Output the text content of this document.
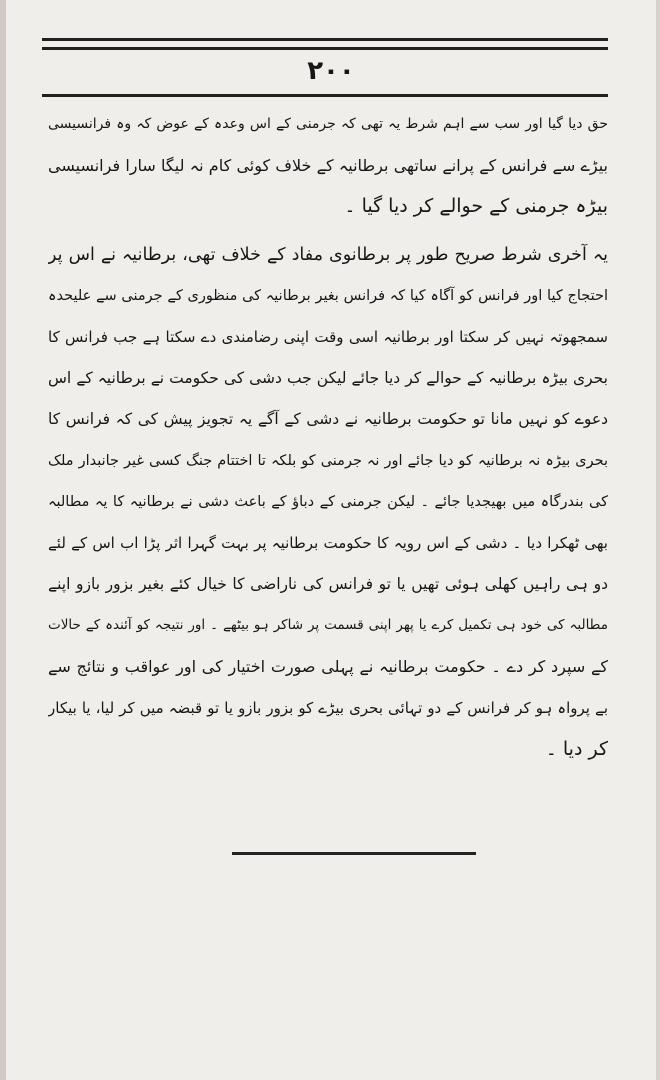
۲۰۰
حق دیا گیا اور سب سے اہم شرط یہ تھی کہ جرمنی کے اس وعدہ کے عوض کہ وہ فرانسیسی
بیڑے سے فرانس کے پرانے ساتھی برطانیہ کے خلاف کوئی کام نہ لیگا سارا فرانسیسی
بیڑہ جرمنی کے حوالے کر دیا گیا ۔
یہ آخری شرط صریح طور پر برطانوی مفاد کے خلاف تھی، برطانیہ نے اس پر
احتجاج کیا اور فرانس کو آگاہ کیا کہ فرانس بغیر برطانیہ کی منظوری کے جرمنی سے علیحدہ
سمجھوتہ نہیں کر سکتا اور برطانیہ اسی وقت اپنی رضامندی دے سکتا ہے جب فرانس کا
بحری بیڑہ برطانیہ کے حوالے کر دیا جائے لیکن جب دشی کی حکومت نے برطانیہ کے اس
دعوے کو نہیں مانا تو حکومت برطانیہ نے دشی کے آگے یہ تجویز پیش کی کہ فرانس کا
بحری بیڑہ نہ برطانیہ کو دیا جائے اور نہ جرمنی کو بلکہ تا اختتام جنگ کسی غیر جانبدار ملک
کی بندرگاہ میں بھیجدیا جائے ۔ لیکن جرمنی کے دباؤ کے باعث دشی نے برطانیہ کا یہ مطالبہ
بھی ٹھکرا دیا ۔ دشی کے اس رویہ کا حکومت برطانیہ پر بہت گہرا اثر پڑا اب اس کے لئے
دو ہی راہیں کھلی ہوئی تھیں یا تو فرانس کی ناراضی کا خیال کئے بغیر بزور بازو اپنے
مطالبہ کی خود ہی تکمیل کرے یا پھر اپنی قسمت پر شاکر ہو بیٹھے ۔ اور نتیجہ کو آئندہ کے حالات
کے سپرد کر دے ۔ حکومت برطانیہ نے پہلی صورت اختیار کی اور عواقب و نتائج سے
بے پرواہ ہو کر فرانس کے دو تہائی بحری بیڑے کو بزور بازو یا تو قبضہ میں کر لیا، یا بیکار
کر دیا ۔
